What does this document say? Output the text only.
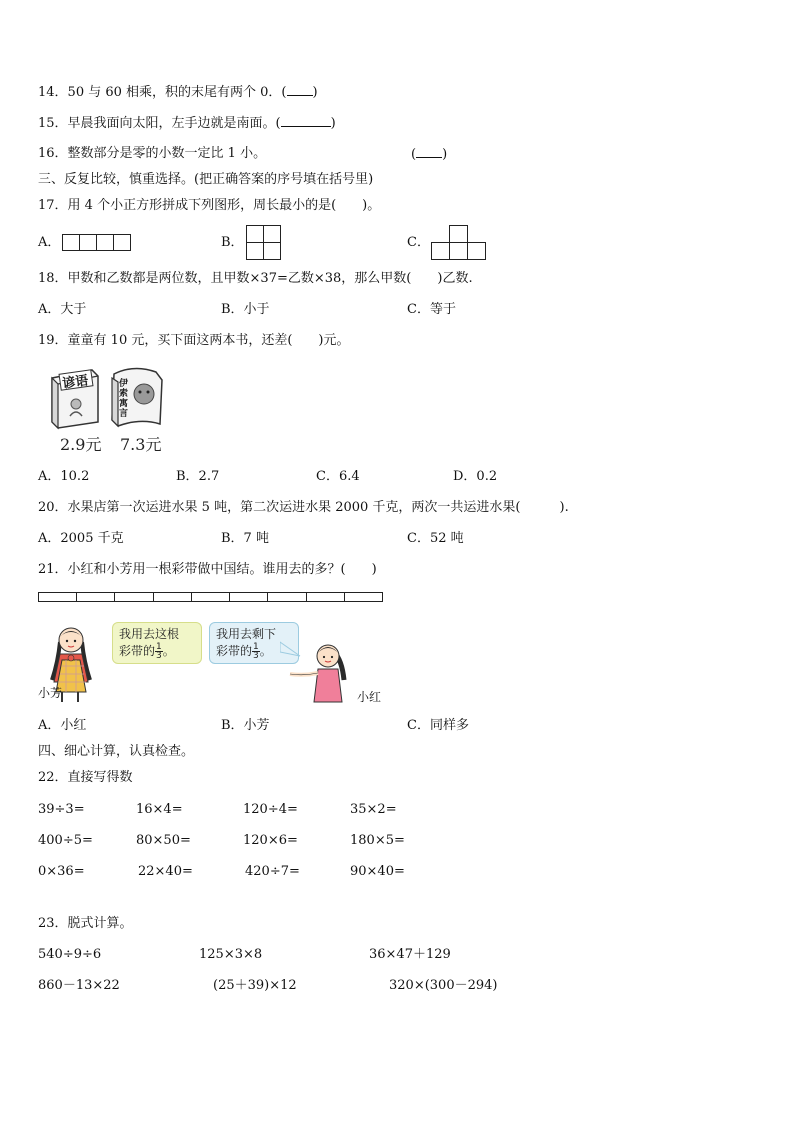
14．50 与 60 相乘，积的末尾有两个 0．( )
15．早晨我面向太阳，左手边就是南面。(	)
16．整数部分是零的小数一定比 1 小。	( )
三、反复比较，慎重选择。(把正确答案的序号填在括号里)
17．用 4 个小正方形拼成下列图形，周长最小的是(　　)。
A．	B．	C．
18．甲数和乙数都是两位数，且甲数×37=乙数×38，那么甲数(　　)乙数.
A．大于	B．小于	C．等于
19．童童有 10 元，买下面这两本书，还差(　　)元。
谚语	伊
索
寓
言
2.9元 7.3元
A．10.2	B．2.7	C．6.4	D．0.2
20．水果店第一次运进水果 5 吨，第二次运进水果 2000 千克，两次一共运进水果(　　　).
A．2005 千克	B．7 吨	C．52 吨
21．小红和小芳用一根彩带做中国结。谁用去的多？(　　)
小芳
我用去这根
彩带的 $\frac{1}{3}$ 。
我用去剩下
彩带的 $\frac{1}{3}$ 。
小红
A．小红	B．小芳	C．同样多
四、细心计算，认真检查。
22．直接写得数
39÷3=	16×4=	120÷4=	35×2=
400÷5=	80×50=	120×6=	180×5=
0×36=	22×40=	420÷7=	90×40=
23．脱式计算。
540÷9÷6	125×3×8	36×47＋129
860－13×22	(25＋39)×12	320×(300－294)
